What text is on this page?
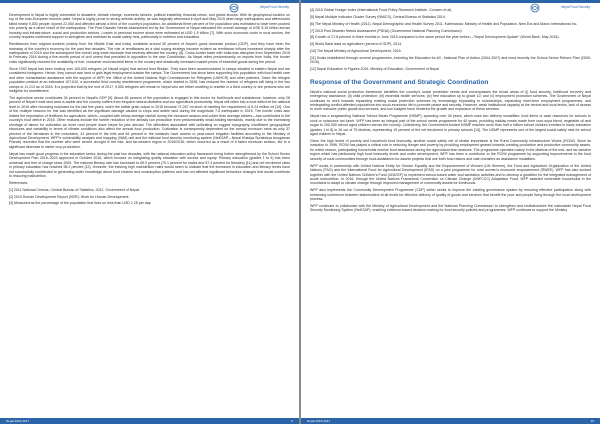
Nepal Food Security

Development in Nepal is highly vulnerable to disasters, climate change, economic failures, political instability, financial crises, and global shocks. With its geophysical location on top of the Indo-European tectonic plate, Nepal is highly prone to strong seismic activity, as was tragically witnessed in April and May 2015 when large earthquakes and aftershocks killed nearly 9,000 people, injured 22,000 and affected almost a third of the country's population. An additional three percent of the population was estimated to have been pushed into poverty as a direct result of the earthquakes. The Post Disaster Needs Assessment led by the Government of Nepal estimated the overall damage of USD 5.15 billion across housing and infrastructure, social and production sectors. Losses in personal income alone were estimated at USD 1.9 billion [7]. With such economic costs in rural sectors, the country requires continued support to strengthen and maintain its social safety nets, particularly in nutrition and education.

Remittances from migrant workers (mainly from the Middle East and India) constitute around 30 percent of Nepal's gross domestic product (GDP), and they have been the mainstay of the country's economy for the past few decades. The role of remittances as a vital coping strategy became evident as remittance inflows increased sharply after the earthquakes of 2015 and the subsequent five-month long trade blockade that severely affected the country. [8]. Cross-border trade with India was disrupted from September 2015 to February 2016 during a five-month period of civil unrest that prevailed in opposition to the new Constitution. As Nepal relies predominantly on imports from India, the border crisis significantly reduced the availability of fuel, consumer and industrial items in the country and drastically increased market prices of essential goods during the period.

Since 1992 Nepal has been hosting over 100,000 refugees (of Nepali origin) that arrived from Bhutan. They have been accommodated in camps situated in eastern Nepal and are considered foreigners. Hence, they cannot own land or gain legal employment outside the camps. The Government has since been supporting this population with food health care and other humanitarian assistance with the support of WFP, the Office of the United Nations High Commissioner for Refugees (UNHCR) and other partners. Since the refugee population peaked at an estimated 107,810, a successful third country resettlement programme, which started in 2008, has reduced the number of refugees still living in the two camps to 11,213 as of 2016. It is projected that by the end of 2017, 9,500 refugees will remain in Nepal who are either unwilling to resettle in a third country or are persons who are ineligible for resettlement.

The agriculture sector contributes 34 percent to Nepal's GDP [9]. About 66 percent of the population is engaged in this sector for livelihoods and subsistence; however, only 28 percent of Nepal's total land area is arable and the country suffers from frequent natural disasters and low agricultural productivity. Nepal still relies into a food deficit at the national level in 2016 after recording surpluses for the last five years, when the edible grain output in 2015 became 71,267 mt short of meeting the requirement of 6.24 million mt [10]. One of the multiple reasons for this was identified as the significant damage caused to crops and arable land during the magnitude 7.8 earthquake in 2015. The border crisis also limited the importation of fertilizers for agriculture, which—coupled with below-average rainfall during the monsoon season and colder than average winters—has contributed to the country's food deficit in 2016. Other reasons include the further reduction of the already low production from predominantly small-holding farmlands, mainly due to the increasing shortage of labour for cultivation as more rural people leave Nepal for jobs abroad. The difficulties associated with cultivating on rugged topography, insufficient geographical structures and variability in terms of climate conditions also affect the annual food production. Cultivation is consequently dependent on the annual monsoon rains as only 37 percent of the farmlands in the mountains, 41 percent in the hills and 64 percent in the lowlands have access to year-round irrigation facilities according to the Ministry of Agricultural Development. WFP's vulnerability analysis and mapping (VAM) unit and the national food security monitoring system (NeKSAP—Nepal Khadya Surakshya Anugaman Pranali) recorded that the number who were severe drought in the mid- and far-western region in 2015/2016, which occurred as a result of a failed monsoon season, led to a significant decrease in winter crop production.

Nepal has made good progress in the education sector during the past two decades, with the national education policy framework being further strengthened by the School Sector Development Plan 2016–2023 approved in October 2016, which focuses on integrating quality education with access and equity. Primary education (grades 1 to 5) has been universal and free of charge since 2005. The national literacy rate has increased to 65.9 percent (75.1 percent for males and 57.4 percent for females) [11] and net enrolment rates in primary education has reached 96.2 percent [12]. However, the existing high malnutrition rates would seem to indicate that the increases in education and literacy levels have not successfully contributed to generating wider knowledge about food choices and consumption patterns and has not affected significant behaviour changes that would contribute to reducing malnutrition.

References:

[1] 2011 National Census, Central Bureau of Statistics, 2012, Government of Nepal.

[2] 2015 Human Development Report (HDR): Work for Human Development.

[3] Measured as the percentage of the population that lives on less than USD 1.25 per day.

Nepal 2016-2017	9
Nepal Food Security

[4] 2015 Global Hunger Index (International Food Policy Research Institute, Concern et al).

[5] Nepal Multiple Indicator Cluster Survey (NMICS), Central Bureau of Statistics 2014.

[6] The Nepal Ministry of Health (2011). Nepal Demographic and Health Survey 2011. Kathmandu: Ministry of Health and Population, New Era and Macro International Inc.

[7] 2015 Post Disaster Needs Assessment (PDNA) (Government National Planning Commission).

[8] Growth of 27.6 percent in three months in June 2015 compared to the same period the year before—"Nepal Development Update" (World Bank, May 2016).

[9] World Bank data on agriculture (percent of GDP), 2014.

[10] The Nepal Ministry of Agricultural Development, 2016.

[11] Goals established through several programmes, including the Education for All - National Plan of Action (2004-2007) and most recently the School Sector Reform Plan (2009-2016).

[12] Nepal Education in Figures 2015, Ministry of Education, Government of Nepal.

Response of the Government and Strategic Coordination

Nepal's national social protection framework identifies the country's social protection needs and encompasses the broad areas of (i) food security, livelihood recovery and emergency assistance; (ii) child protection; (iii) essential health services; (iv) free education up to grade 10; and (v) employment promotion schemes. The Government of Nepal continues to work towards expanding existing social protection schemes by increasingly expanding to scholarships, expanding short-term employment programmes, and reintegrating conflict-affected populations into socio-economic life to promote peace and security. However, weak institutional capacity at the central and local levels, lack of access to more inclusive public goods and services, and low budgets have hindered the growth and expansion of these services.

Nepal has a longstanding National School Meals Programme (NSMP), spanning over 40 years, which uses two delivery modalities: food items or cash resources for schools to cook or outsource hot lunch. WFP has been an integral part of the school meals programme for 40 years, providing midday meals made from corn-soya blend, vegetable oil and sugar to 200,000 school aged children across the country. Collectively, the Government-funded NSMP reaches more than half a million school children enrolled in basic education (grades 1 to 8) in 26 out of 75 districts, representing 15 percent of the net enrolment in primary schools [13]. The NSMP represents one of the largest social safety nets for school aged children in Nepal.

Given the high levels of poverty and household food insecurity, another social safety net of similar importance is the Rural Community Infrastructure Works (RCIW). Since its inception in 1996, RCIW has played a critical role in reducing hunger and poverty by providing employment geared towards creating productive and productive community assets, for which reason, participating households receive food assistance during the agricultural lean seasons. The programme operates mainly in the districts of the mid- and far-western region which has particularly high food insecurity levels and under development. WFP has been a contributor to the RCIW programme by supporting improvements in the food security of rural communities through food-assistance-for-assets projects that use both food rations and cash transfers as assistance modalities.

WFP works in partnership with United Nations Entity for Gender Equality and the Empowerment of Women (UN Women), the Food and Agriculture Organization of the United Nations (FAO) and the International Fund for Agricultural Development (IFAD) on a joint programme for rural women's economic empowerment (RWEE). WFP has also worked together with the United Nations Children's Fund (UNICEF) to implement school-based water and sanitation activities and to develop a guideline for the integrated management of acute malnutrition. In 2016, through the United Nations Framework Convention on Climate Change (UNFCCC) Adaptation Fund, WFP assisted vulnerable households in the mountains to adapt to climate change through improved management of community assets for livelihoods.

WFP also implements the Community Development Programme (CDP) which seeks to improve the existing governance system by ensuring effective participation along with enhancing coherence between stakeholders at all levels for effective delivery of quality of goods and services that benefit the poor and people living through the local development process.

WFP continues to collaborate with the Ministry of Agricultural Development and the National Planning Commission to strengthen and institutionalize the nationwide Nepal Food Security Monitoring System (NeKSAP), enabling evidence-based decision-making for food security policies and programmes. WFP continues to support the Ministry

Nepal 2016-2017	10
